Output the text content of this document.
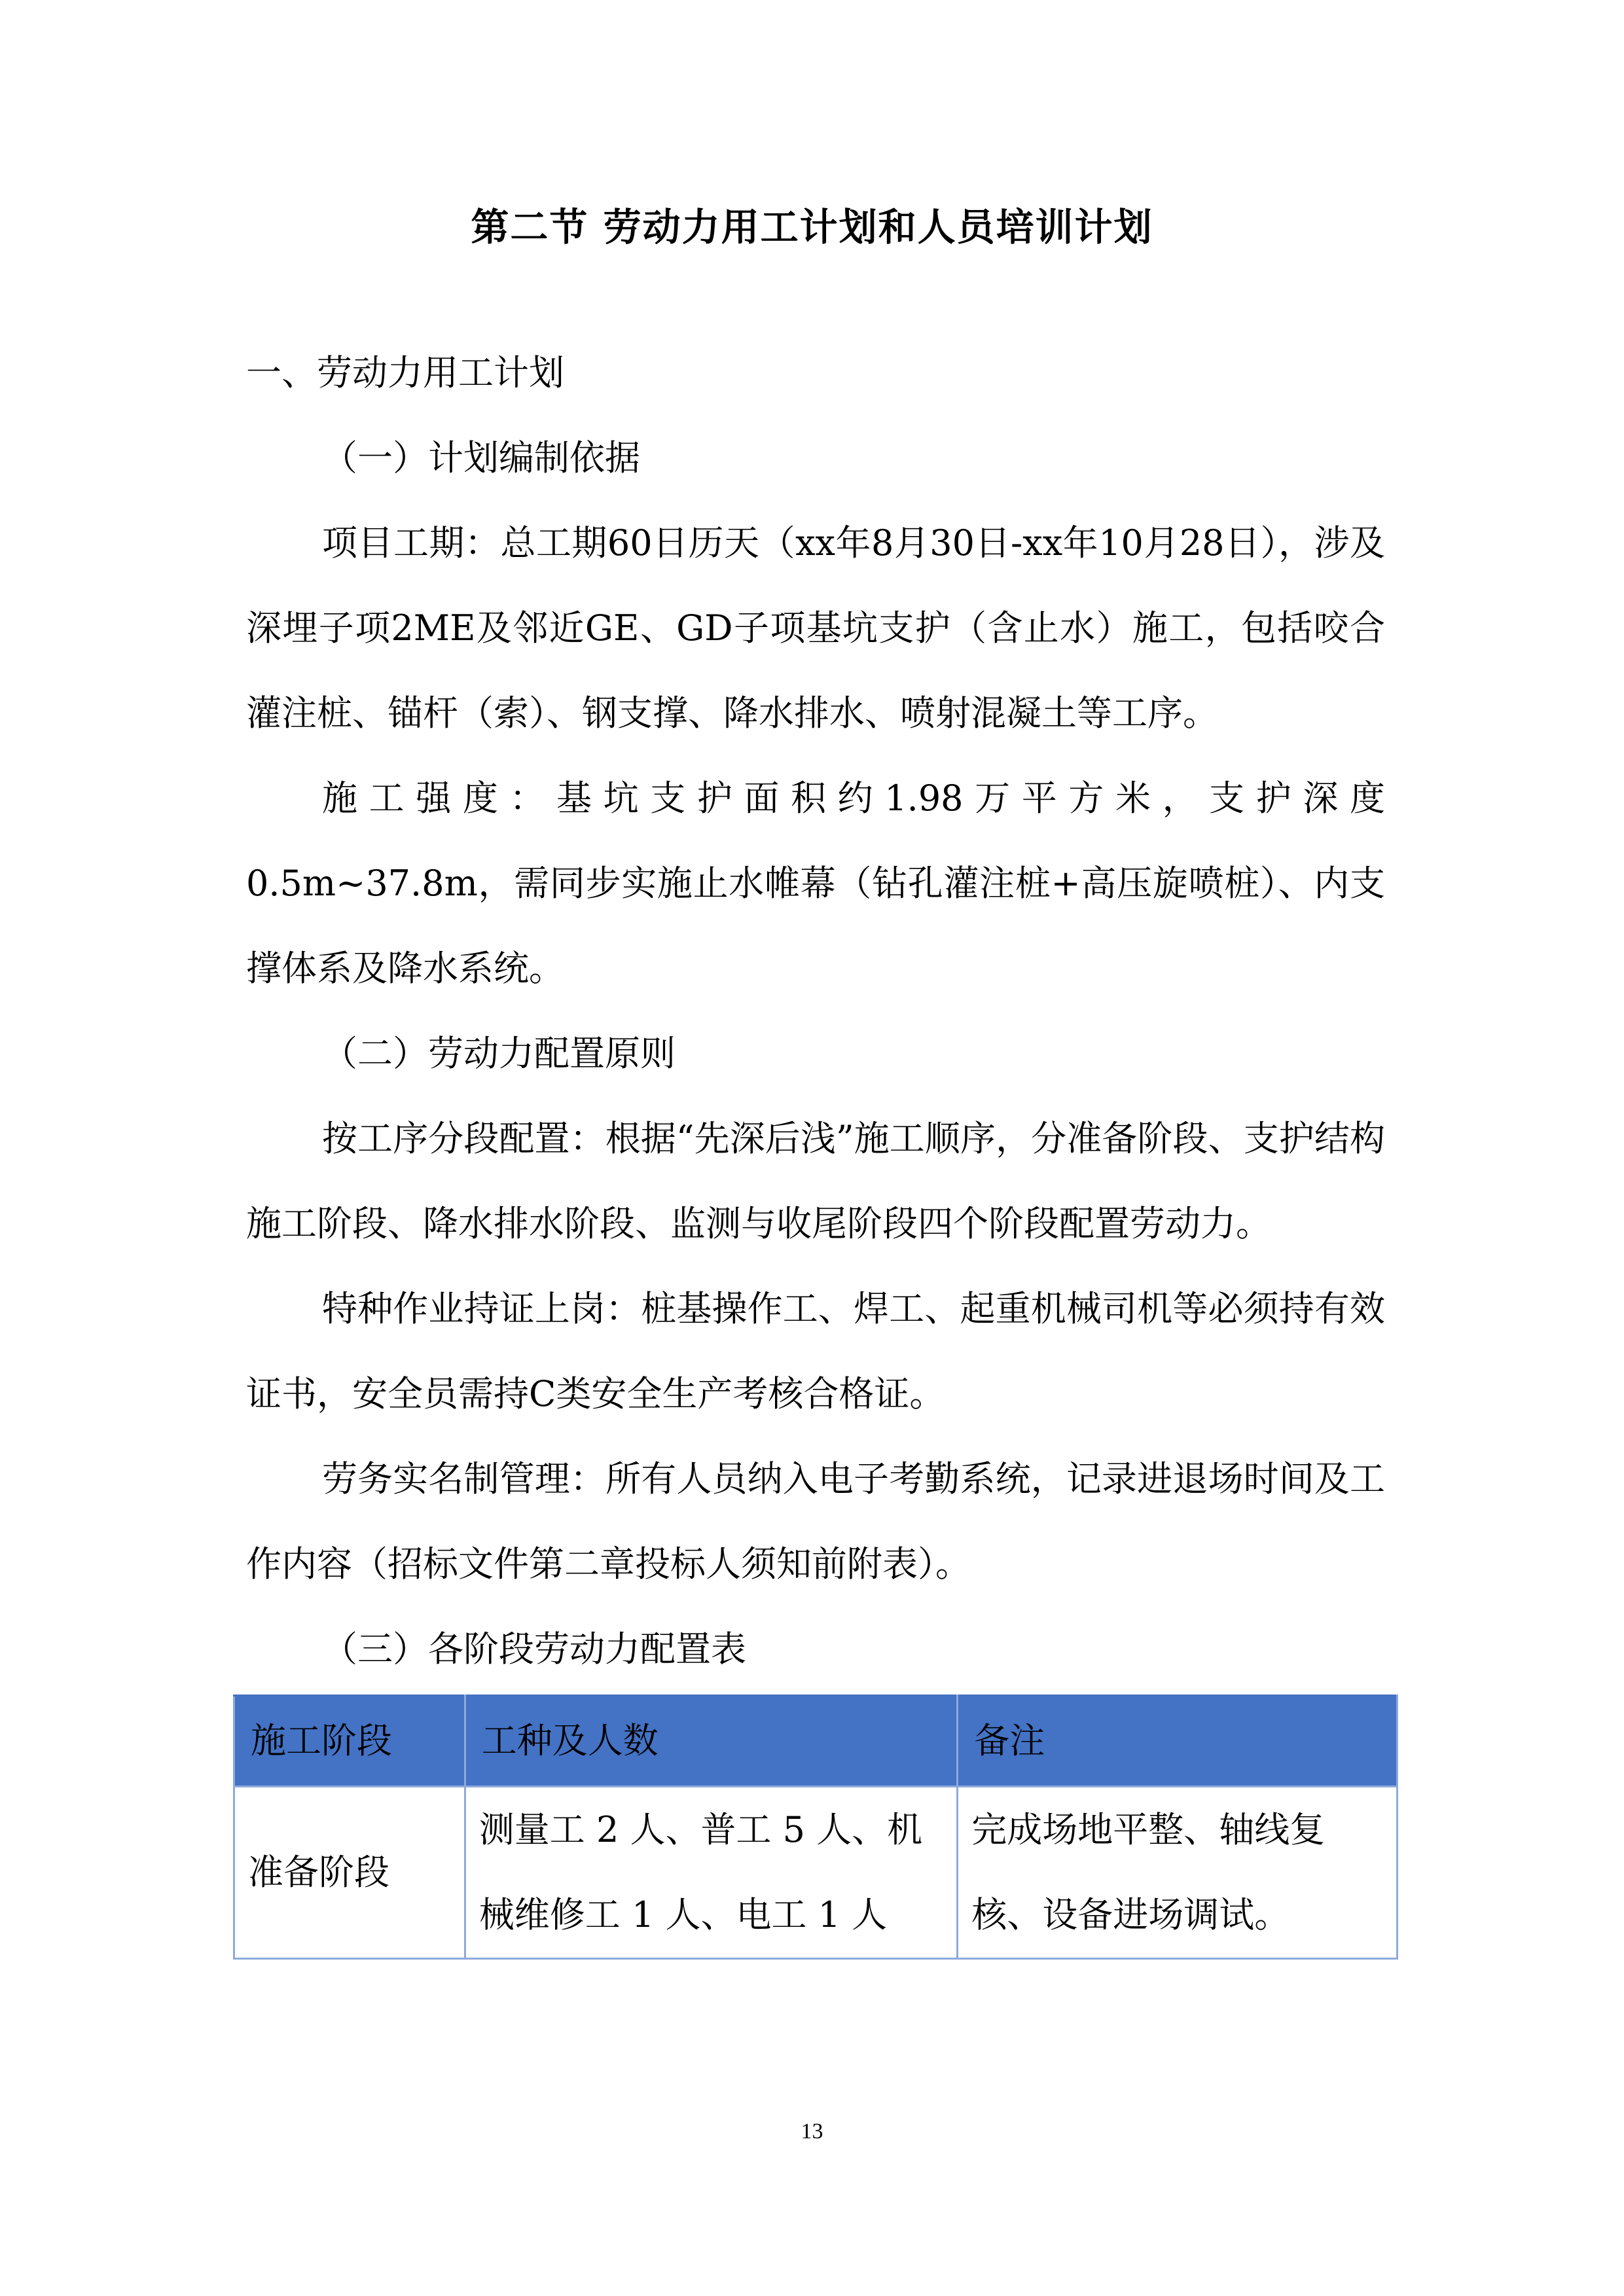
第二节 劳动力用工计划和人员培训计划

一、劳动力用工计划

（一）计划编制依据

项目工期：总工期60日历天（xx年8月30日-xx年10月28日），涉及深埋子项2ME及邻近GE、GD子项基坑支护（含止水）施工，包括咬合灌注桩、锚杆（索）、钢支撑、降水排水、喷射混凝土等工序。

施工强度：基坑支护面积约1.98万平方米，支护深度0.5m~37.8m，需同步实施止水帷幕（钻孔灌注桩+高压旋喷桩）、内支撑体系及降水系统。

（二）劳动力配置原则

按工序分段配置：根据“先深后浅”施工顺序，分准备阶段、支护结构施工阶段、降水排水阶段、监测与收尾阶段四个阶段配置劳动力。

特种作业持证上岗：桩基操作工、焊工、起重机械司机等必须持有效证书，安全员需持C类安全生产考核合格证。

劳务实名制管理：所有人员纳入电子考勤系统，记录进退场时间及工作内容（招标文件第二章投标人须知前附表）。

（三）各阶段劳动力配置表

施工阶段	工种及人数	备注
准备阶段	测量工 2 人、普工 5 人、机械维修工 1 人、电工 1 人	完成场地平整、轴线复核、设备进场调试。
13
